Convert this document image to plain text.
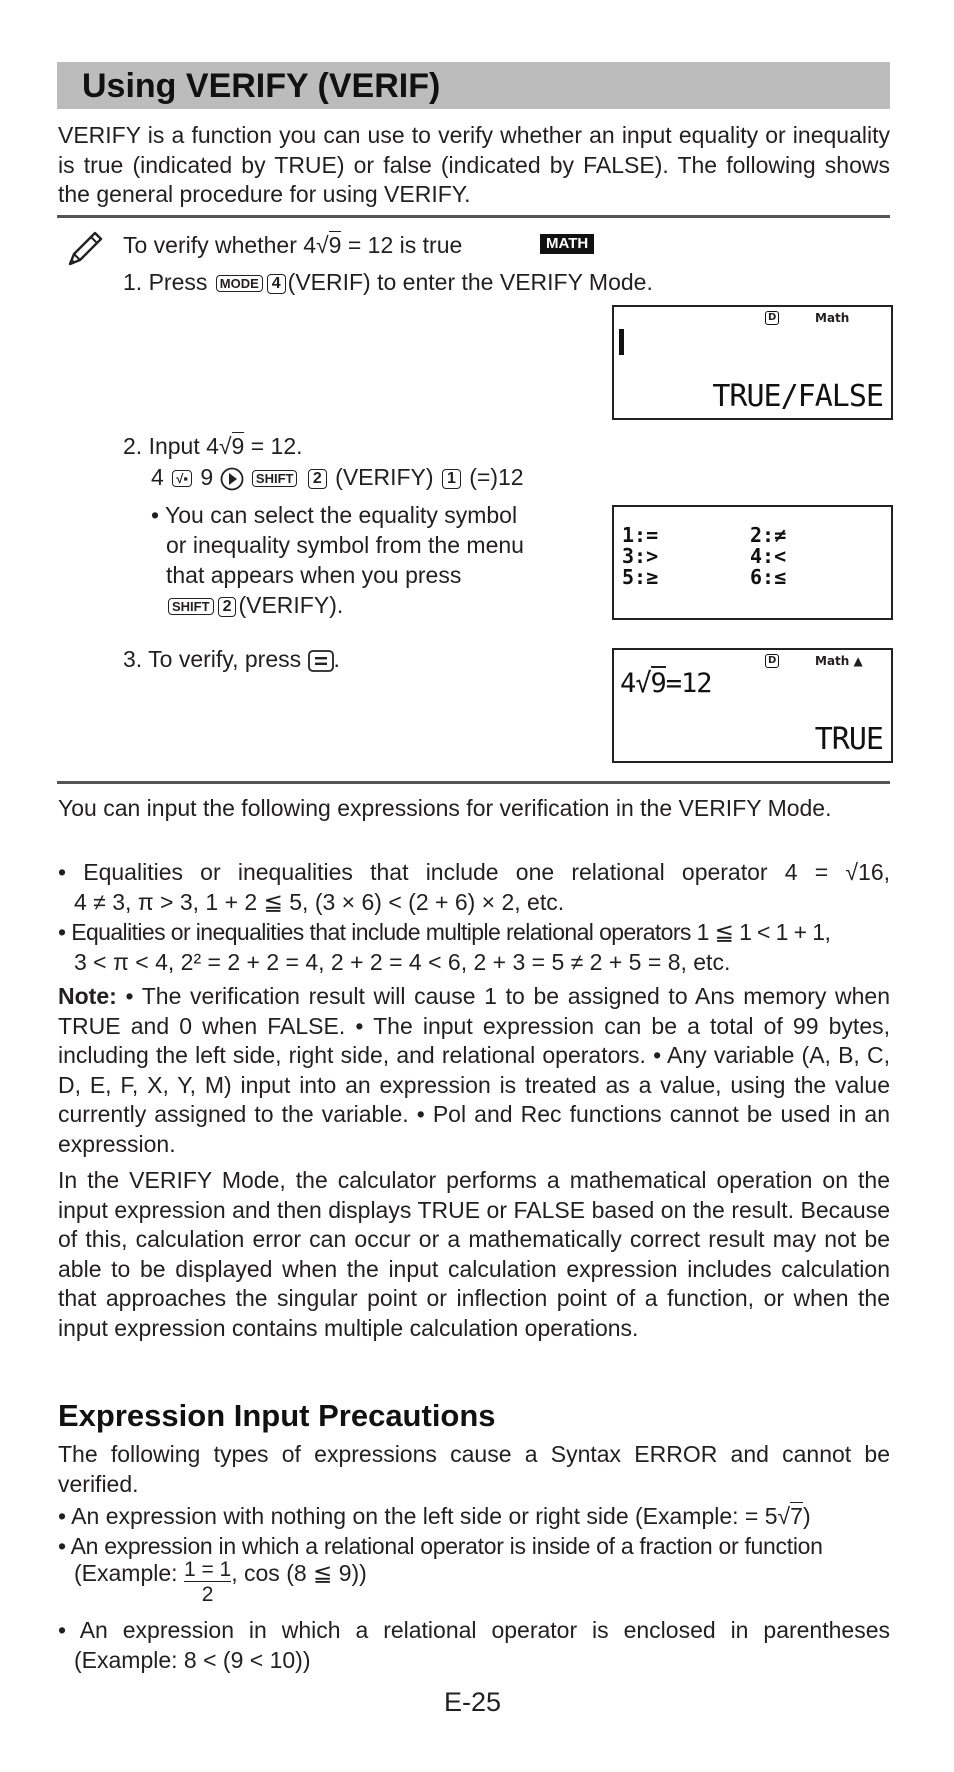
Using VERIFY (VERIF)
VERIFY is a function you can use to verify whether an input equality or inequality is true (indicated by TRUE) or false (indicated by FALSE). The following shows the general procedure for using VERIFY.
To verify whether 4√9 = 12 is true	MATH
1. Press MODE 4 (VERIF) to enter the VERIFY Mode.
D	Math
TRUE/FALSE
2. Input 4√9 = 12.
4 √▪ 9	SHIFT 2 (VERIFY) 1 (=)12
• You can select the equality symbol
or inequality symbol from the menu
that appears when you press
SHIFT 2 (VERIFY).
1:=	2:≠
3:>	4:<
5:≥	6:≤
3. To verify, press .	D	Math ▲
4√9=12
TRUE
You can input the following expressions for verification in the VERIFY Mode.
• Equalities or inequalities that include one relational operator 4 = √16,
4 ≠ 3, π > 3, 1 + 2 ≦ 5, (3 × 6) < (2 + 6) × 2, etc.
• Equalities or inequalities that include multiple relational operators 1 ≦ 1 < 1 + 1,
3 < π < 4, 2² = 2 + 2 = 4, 2 + 2 = 4 < 6, 2 + 3 = 5 ≠ 2 + 5 = 8, etc.
Note: • The verification result will cause 1 to be assigned to Ans memory when TRUE and 0 when FALSE. • The input expression can be a total of 99 bytes, including the left side, right side, and relational operators. • Any variable (A, B, C, D, E, F, X, Y, M) input into an expression is treated as a value, using the value currently assigned to the variable. • Pol and Rec functions cannot be used in an expression.
In the VERIFY Mode, the calculator performs a mathematical operation on the input expression and then displays TRUE or FALSE based on the result. Because of this, calculation error can occur or a mathematically correct result may not be able to be displayed when the input calculation expression includes calculation that approaches the singular point or inflection point of a function, or when the input expression contains multiple calculation operations.
Expression Input Precautions
The following types of expressions cause a Syntax ERROR and cannot be verified.
• An expression with nothing on the left side or right side (Example: = 5√7)
• An expression in which a relational operator is inside of a fraction or function
(Example: $\frac{1 = 1}{2}$ , cos (8 ≦ 9))
• An expression in which a relational operator is enclosed in parentheses
(Example: 8 < (9 < 10))
E-25
